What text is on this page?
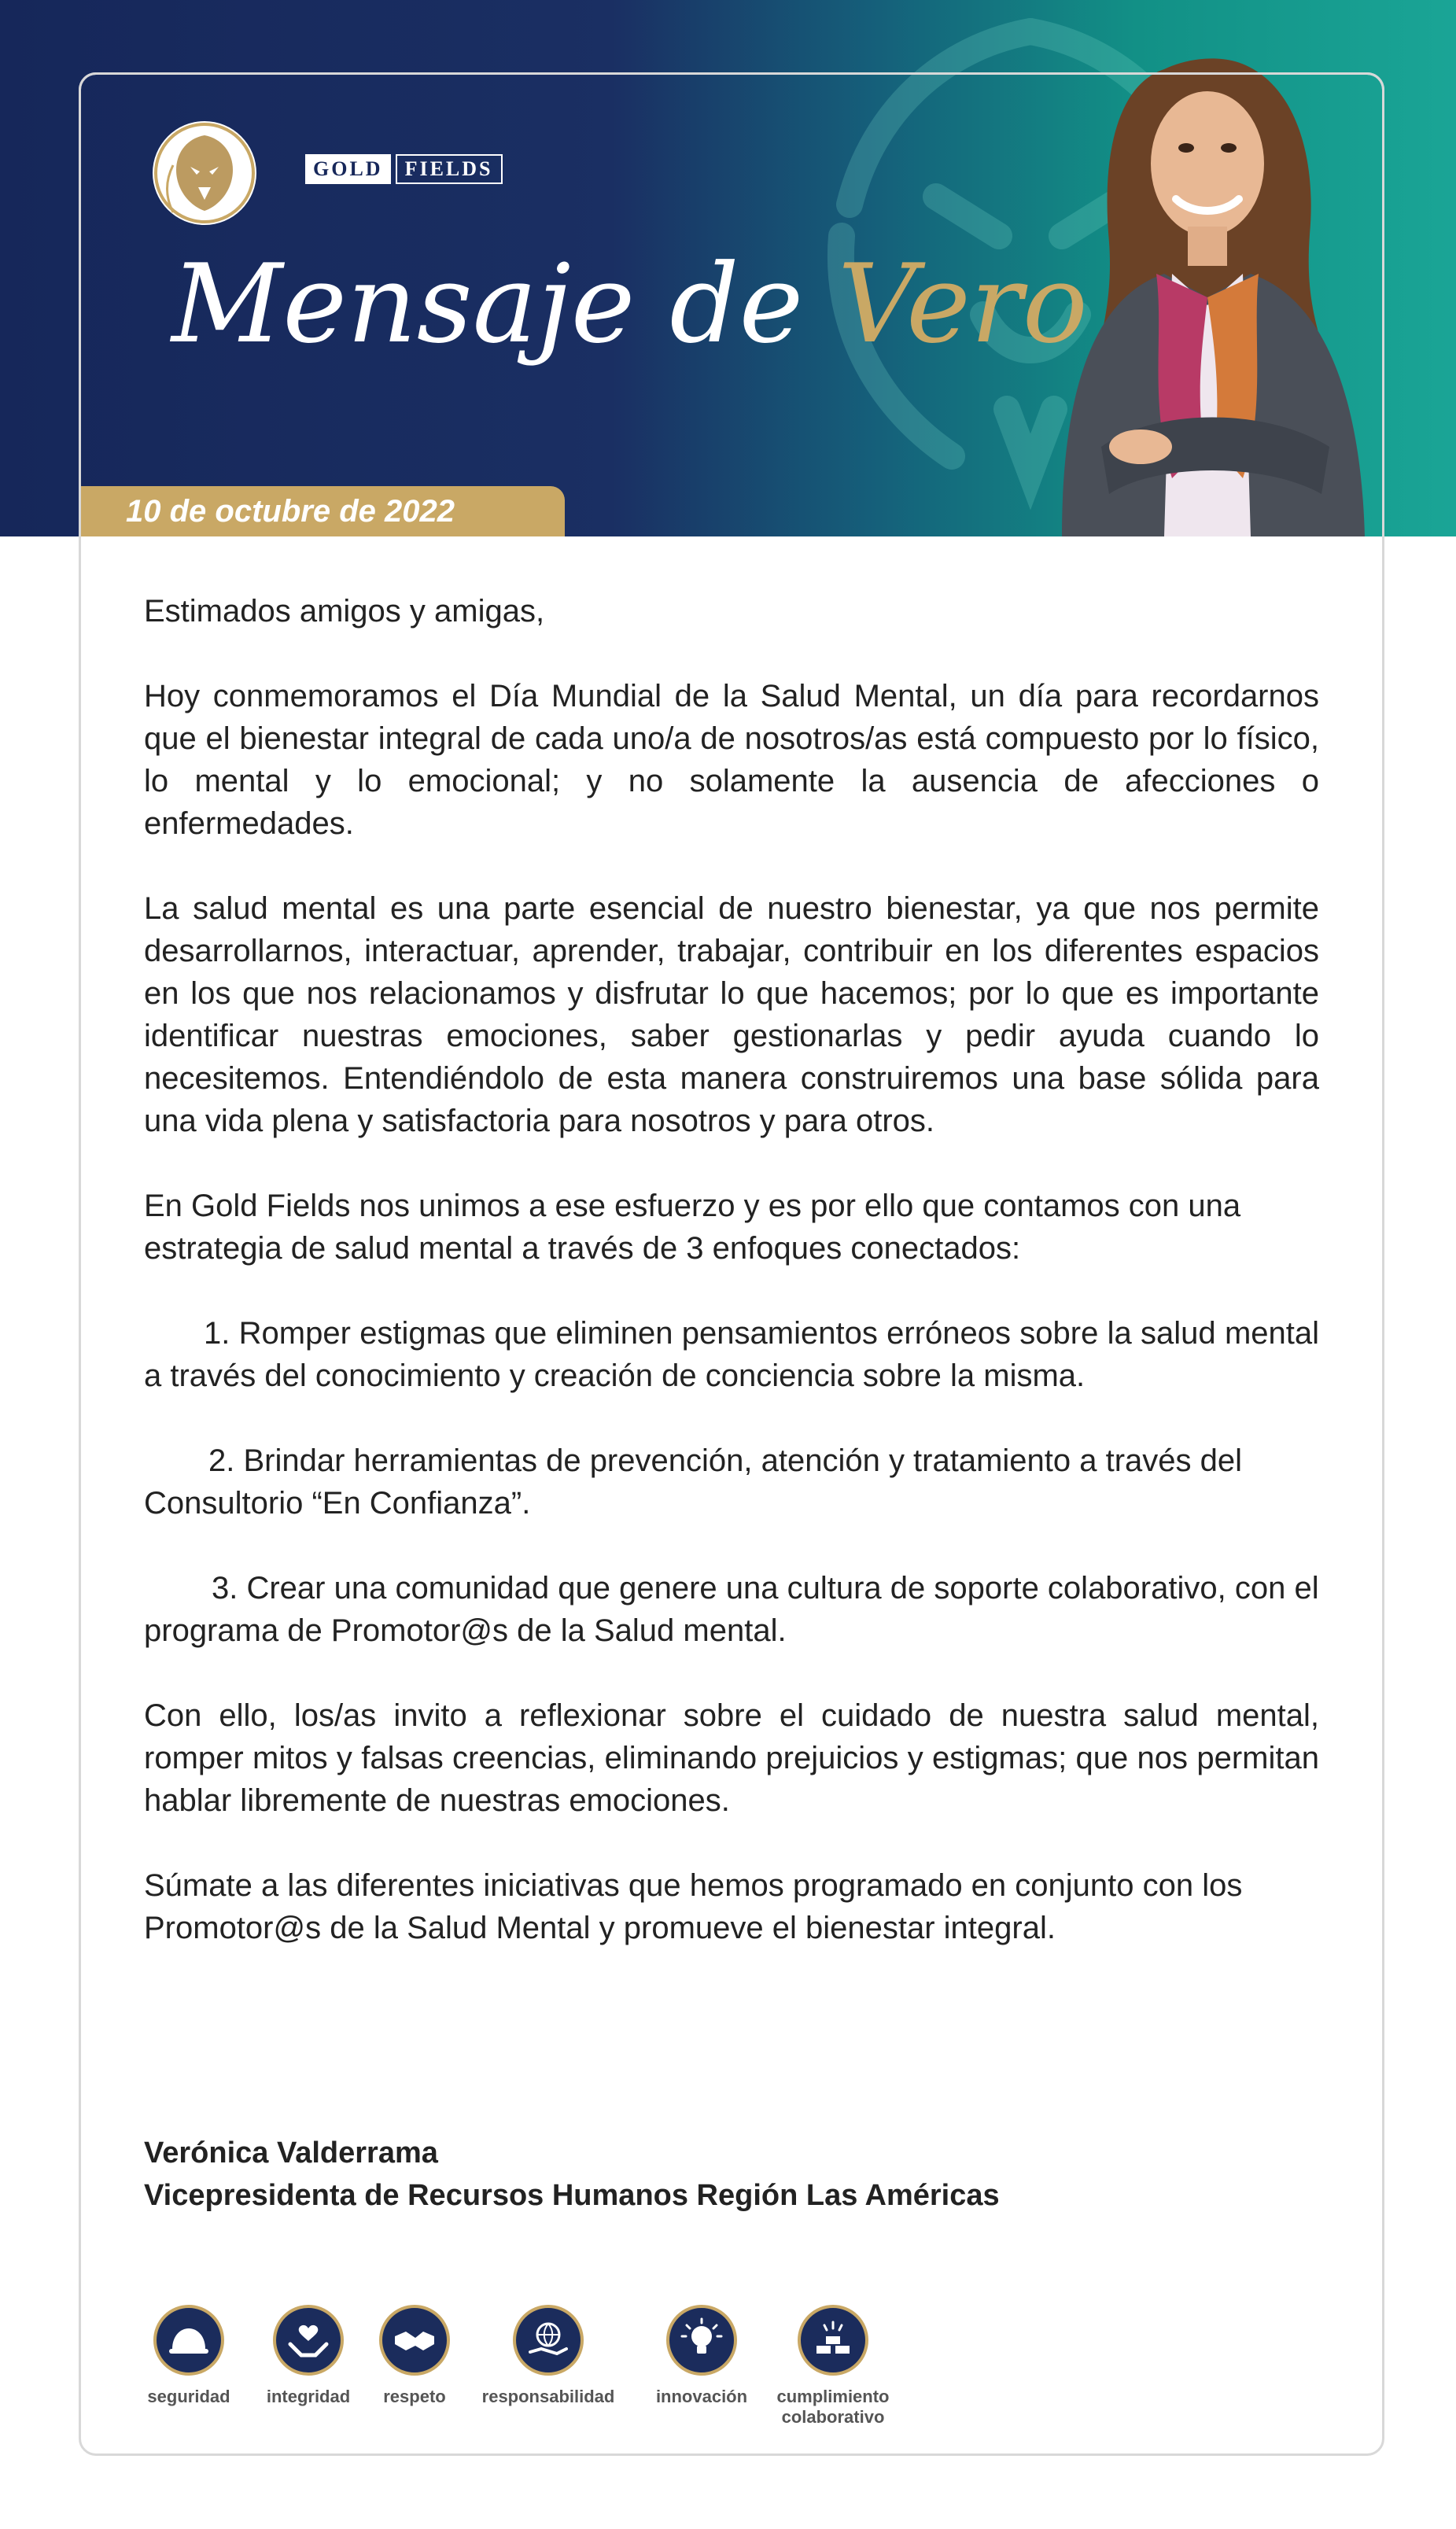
GOLD	FIELDS
Mensaje de Vero
10 de octubre de 2022

Estimados amigos y amigas,

Hoy conmemoramos el Día Mundial de la Salud Mental, un día para recordarnos que el bienestar integral de cada uno/a de nosotros/as está compuesto por lo físico, lo mental y lo emocional; y no solamente la ausencia de afecciones o enfermedades.

La salud mental es una parte esencial de nuestro bienestar, ya que nos permite desarrollarnos, interactuar, aprender, trabajar, contribuir en los diferentes espacios en los que nos relacionamos y disfrutar lo que hacemos; por lo que es importante identificar nuestras emociones, saber gestionarlas y pedir ayuda cuando lo necesitemos. Entendiéndolo de esta manera construiremos una base sólida para una vida plena y satisfactoria para nosotros y para otros.

En Gold Fields nos unimos a ese esfuerzo y es por ello que contamos con una estrategia de salud mental a través de 3 enfoques conectados:

1. Romper estigmas que eliminen pensamientos erróneos sobre la salud mental a través del conocimiento y creación de conciencia sobre la misma.

2. Brindar herramientas de prevención, atención y tratamiento a través del Consultorio “En Confianza”.

3. Crear una comunidad que genere una cultura de soporte colaborativo, con el programa de Promotor@s de la Salud mental.

Con ello, los/as invito a reflexionar sobre el cuidado de nuestra salud mental, romper mitos y falsas creencias, eliminando prejuicios y estigmas; que nos permitan hablar libremente de nuestras emociones.

Súmate a las diferentes iniciativas que hemos programado en conjunto con los Promotor@s de la Salud Mental y promueve el bienestar integral.

Verónica Valderrama
Vicepresidenta de Recursos Humanos Región Las Américas
seguridad	integridad	respeto	responsabilidad	innovación	cumplimiento colaborativo
